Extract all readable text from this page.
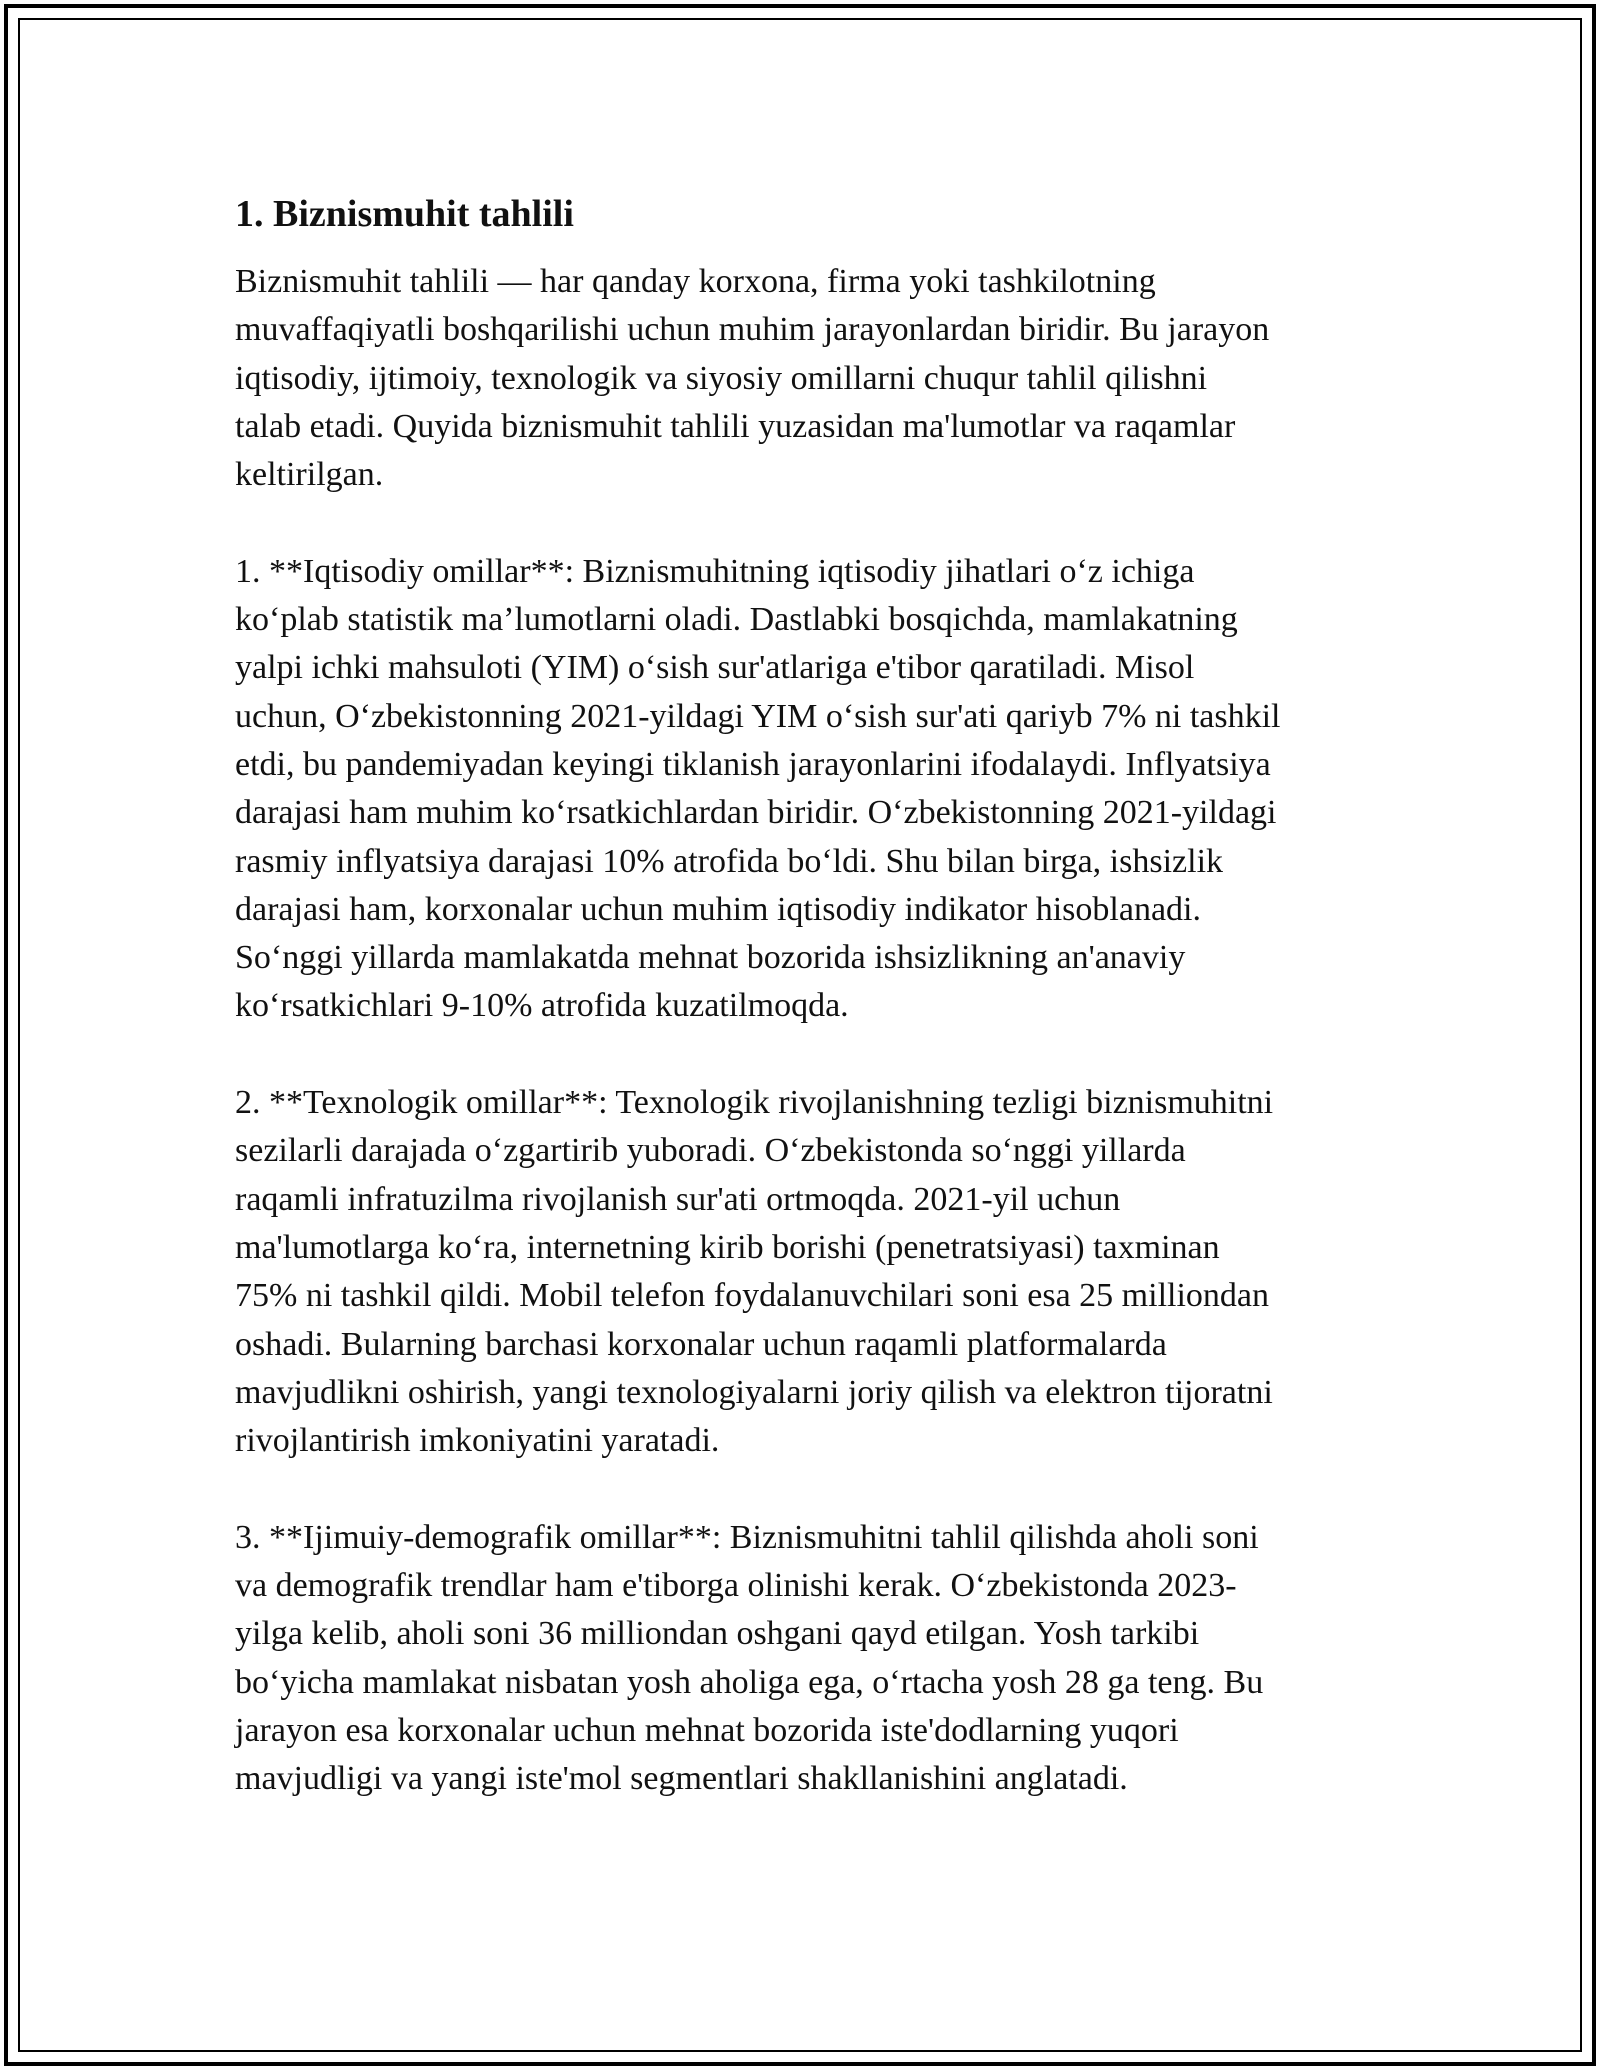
1. Biznismuhit tahlili

Biznismuhit tahlili — har qanday korxona, firma yoki tashkilotning
muvaffaqiyatli boshqarilishi uchun muhim jarayonlardan biridir. Bu jarayon
iqtisodiy, ijtimoiy, texnologik va siyosiy omillarni chuqur tahlil qilishni
talab etadi. Quyida biznismuhit tahlili yuzasidan ma'lumotlar va raqamlar
keltirilgan.

1. **Iqtisodiy omillar**: Biznismuhitning iqtisodiy jihatlari o‘z ichiga
ko‘plab statistik ma’lumotlarni oladi. Dastlabki bosqichda, mamlakatning
yalpi ichki mahsuloti (YIM) o‘sish sur'atlariga e'tibor qaratiladi. Misol
uchun, O‘zbekistonning 2021-yildagi YIM o‘sish sur'ati qariyb 7% ni tashkil
etdi, bu pandemiyadan keyingi tiklanish jarayonlarini ifodalaydi. Inflyatsiya
darajasi ham muhim ko‘rsatkichlardan biridir. O‘zbekistonning 2021-yildagi
rasmiy inflyatsiya darajasi 10% atrofida bo‘ldi. Shu bilan birga, ishsizlik
darajasi ham, korxonalar uchun muhim iqtisodiy indikator hisoblanadi.
So‘nggi yillarda mamlakatda mehnat bozorida ishsizlikning an'anaviy
ko‘rsatkichlari 9-10% atrofida kuzatilmoqda.

2. **Texnologik omillar**: Texnologik rivojlanishning tezligi biznismuhitni
sezilarli darajada o‘zgartirib yuboradi. O‘zbekistonda so‘nggi yillarda
raqamli infratuzilma rivojlanish sur'ati ortmoqda. 2021-yil uchun
ma'lumotlarga ko‘ra, internetning kirib borishi (penetratsiyasi) taxminan
75% ni tashkil qildi. Mobil telefon foydalanuvchilari soni esa 25 milliondan
oshadi. Bularning barchasi korxonalar uchun raqamli platformalarda
mavjudlikni oshirish, yangi texnologiyalarni joriy qilish va elektron tijoratni
rivojlantirish imkoniyatini yaratadi.

3. **Ijimuiy-demografik omillar**: Biznismuhitni tahlil qilishda aholi soni
va demografik trendlar ham e'tiborga olinishi kerak. O‘zbekistonda 2023-
yilga kelib, aholi soni 36 milliondan oshgani qayd etilgan. Yosh tarkibi
bo‘yicha mamlakat nisbatan yosh aholiga ega, o‘rtacha yosh 28 ga teng. Bu
jarayon esa korxonalar uchun mehnat bozorida iste'dodlarning yuqori
mavjudligi va yangi iste'mol segmentlari shakllanishini anglatadi.
